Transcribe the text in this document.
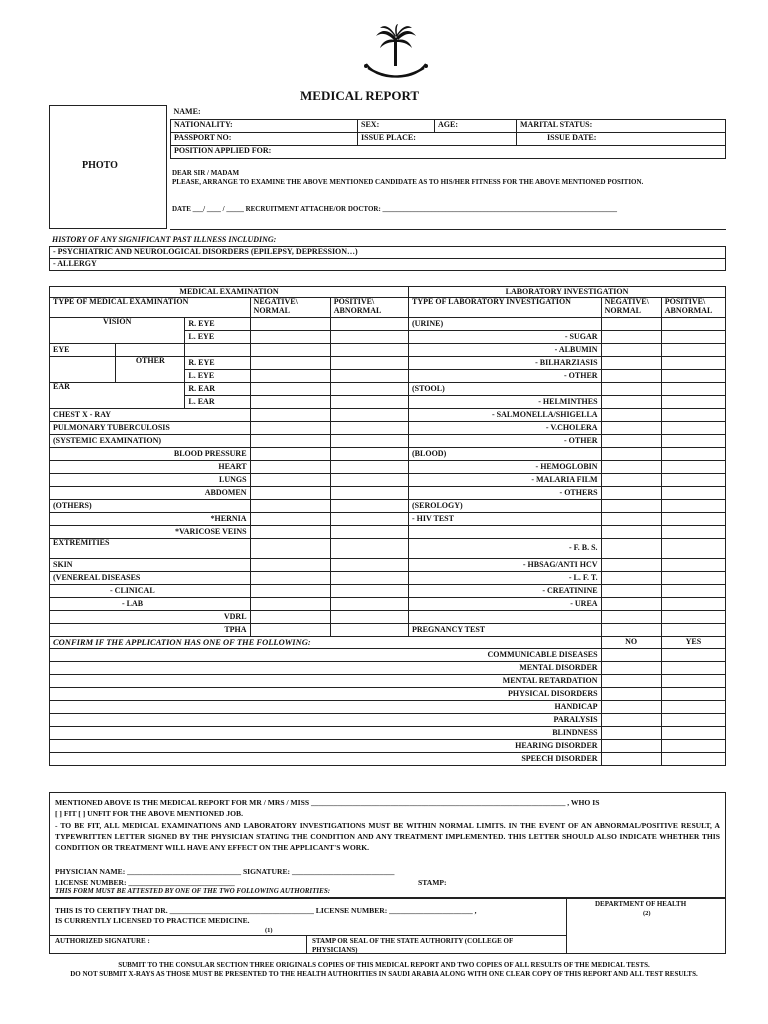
MEDICAL REPORT
PHOTO
NAME:			
NATIONALITY:	SEX:	AGE:	MARITAL STATUS:
PASSPORT NO:	ISSUE PLACE:		ISSUE DATE:
POSITION APPLIED FOR:			
DEAR SIR / MADAM
PLEASE, ARRANGE TO EXAMINE THE ABOVE MENTIONED CANDIDATE AS TO HIS/HER FITNESS FOR THE ABOVE MENTIONED POSITION.
DATE ___/ ____ / _____ RECRUITMENT ATTACHE/OR DOCTOR: ___________________________________________________________________
HISTORY OF ANY SIGNIFICANT PAST ILLNESS INCLUDING:
- PSYCHIATRIC AND NEUROLOGICAL DISORDERS (EPILEPSY, DEPRESSION…)
- ALLERGY
MEDICAL EXAMINATION					LABORATORY INVESTIGATION		
TYPE OF MEDICAL EXAMINATION			NEGATIVE\ NORMAL	POSITIVE\ ABNORMAL	TYPE OF LABORATORY INVESTIGATION	NEGATIVE\ NORMAL	POSITIVE\ ABNORMAL
VISION		R. EYE			(URINE)		
		L. EYE			- SUGAR		
EYE					- ALBUMIN		
	OTHER	R. EYE			- BILHARZIASIS		
		L. EYE			- OTHER		
EAR		R. EAR			(STOOL)		
		L. EAR			- HELMINTHES		
CHEST X - RAY					- SALMONELLA/SHIGELLA		
PULMONARY TUBERCULOSIS					- V.CHOLERA		
(SYSTEMIC EXAMINATION)					- OTHER		
BLOOD PRESSURE					(BLOOD)		
HEART					- HEMOGLOBIN		
LUNGS					- MALARIA FILM		
ABDOMEN					- OTHERS		
(OTHERS)					(SEROLOGY)		
*HERNIA					- HIV TEST		
*VARICOSE VEINS							
EXTREMITIES					- F. B. S.		
SKIN					- HBSAG/ANTI HCV		
(VENEREAL DISEASES					- L. F. T.		
- CLINICAL					- CREATININE		
- LAB					- UREA		
VDRL							
TPHA					PREGNANCY TEST		
CONFIRM IF THE APPLICATION HAS ONE OF THE FOLLOWING:						NO	YES
COMMUNICABLE DISEASES							
MENTAL DISORDER							
MENTAL RETARDATION							
PHYSICAL DISORDERS							
HANDICAP							
PARALYSIS							
BLINDNESS							
HEARING DISORDER							
SPEECH DISORDER							
MENTIONED ABOVE IS THE MEDICAL REPORT FOR MR / MRS / MISS ___________________________________________________________________ , WHO IS
[ ] FIT [ ] UNFIT FOR THE ABOVE MENTIONED JOB.
- TO BE FIT, ALL MEDICAL EXAMINATIONS AND LABORATORY INVESTIGATIONS MUST BE WITHIN NORMAL LIMITS. IN THE EVENT OF AN ABNORMAL/POSITIVE RESULT, A TYPEWRITTEN LETTER SIGNED BY THE PHYSICIAN STATING THE CONDITION AND ANY TREATMENT IMPLEMENTED. THIS LETTER SHOULD ALSO INDICATE WHETHER THIS CONDITION OR TREATMENT WILL HAVE ANY EFFECT ON THE APPLICANT'S WORK.
PHYSICIAN NAME: ______________________________ SIGNATURE: ___________________________
LICENSE NUMBER: ____________________________	STAMP:
THIS FORM MUST BE ATTESTED BY ONE OF THE TWO FOLLOWING AUTHORITIES:
THIS IS TO CERTIFY THAT DR. ______________________________________ LICENSE NUMBER: ______________________ ,
IS CURRENTLY LICENSED TO PRACTICE MEDICINE.
(1)
AUTHORIZED SIGNATURE :	STAMP OR SEAL OF THE STATE AUTHORITY (COLLEGE OF PHYSICIANS)
DEPARTMENT OF HEALTH
(2)
SUBMIT TO THE CONSULAR SECTION THREE ORIGINALS COPIES OF THIS MEDICAL REPORT AND TWO COPIES OF ALL RESULTS OF THE MEDICAL TESTS.
DO NOT SUBMIT X-RAYS AS THOSE MUST BE PRESENTED TO THE HEALTH AUTHORITIES IN SAUDI ARABIA ALONG WITH ONE CLEAR COPY OF THIS REPORT AND ALL TEST RESULTS.
